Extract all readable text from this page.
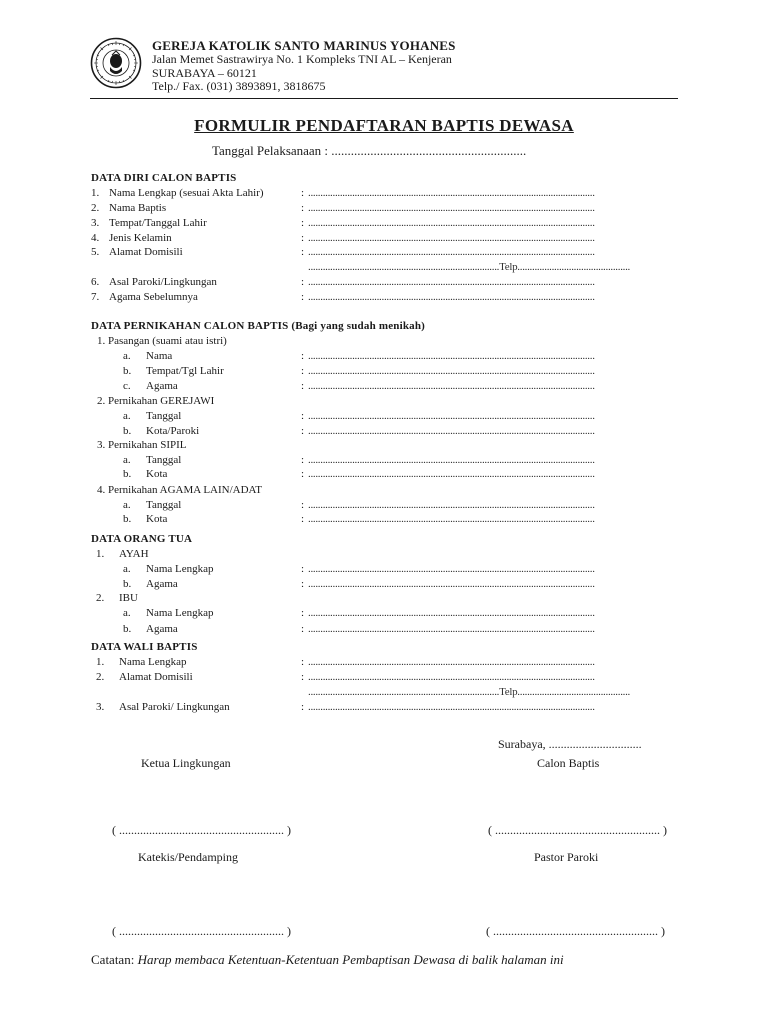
GEREJA KATOLIK SANTO MARINUS YOHANES
Jalan Memet Sastrawirya No. 1 Kompleks TNI AL – Kenjeran
SURABAYA – 60121
Telp./ Fax. (031) 3893891, 3818675
FORMULIR PENDAFTARAN BAPTIS DEWASA
Tanggal Pelaksanaan : ............................................................
DATA DIRI CALON BAPTIS
1. Nama Lengkap (sesuai Akta Lahir)	: .....................................................................................................................
2. Nama Baptis	: .....................................................................................................................
3. Tempat/Tanggal Lahir	: .....................................................................................................................
4. Jenis Kelamin	: .....................................................................................................................
5. Alamat Domisili	: .....................................................................................................................
..............................................................................Telp..............................................
6. Asal Paroki/Lingkungan	: .....................................................................................................................
7. Agama Sebelumnya	: .....................................................................................................................
DATA PERNIKAHAN CALON BAPTIS (Bagi yang sudah menikah)
1. Pasangan (suami atau istri)
a. Nama	: .....................................................................................................................
b. Tempat/Tgl Lahir	: .....................................................................................................................
c. Agama	: .....................................................................................................................
2. Pernikahan GEREJAWI
a. Tanggal	: .....................................................................................................................
b. Kota/Paroki	: .....................................................................................................................
3. Pernikahan SIPIL
a. Tanggal	: .....................................................................................................................
b. Kota	: .....................................................................................................................
4. Pernikahan AGAMA LAIN/ADAT
a. Tanggal	: .....................................................................................................................
b. Kota	: .....................................................................................................................
DATA ORANG TUA
1. AYAH
a. Nama Lengkap	: .....................................................................................................................
b. Agama	: .....................................................................................................................
2. IBU
a. Nama Lengkap	: .....................................................................................................................
b. Agama	: .....................................................................................................................
DATA WALI BAPTIS
1. Nama Lengkap	: .....................................................................................................................
2. Alamat Domisili	: .....................................................................................................................
..............................................................................Telp..............................................
3. Asal Paroki/ Lingkungan	: .....................................................................................................................
Surabaya, ...............................
Ketua Lingkungan	Calon Baptis
( ....................................................... )	( ....................................................... )
Katekis/Pendamping	Pastor Paroki
( ....................................................... )	( ....................................................... )
Catatan: Harap membaca Ketentuan-Ketentuan Pembaptisan Dewasa di balik halaman ini
